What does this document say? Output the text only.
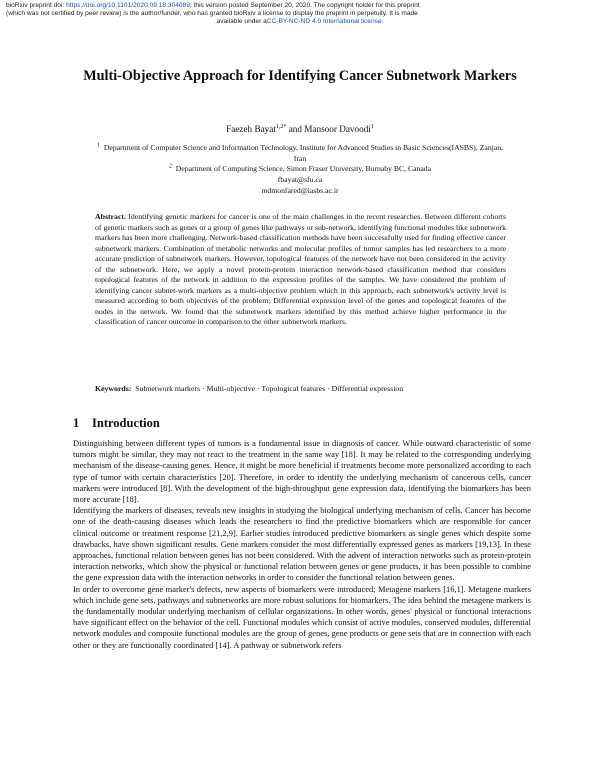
bioRxiv preprint doi: https://doi.org/10.1101/2020.09.18.304089; this version posted September 20, 2020. The copyright holder for this preprint
(which was not certified by peer review) is the author/funder, who has granted bioRxiv a license to display the preprint in perpetuity. It is made
available under aCC-BY-NC-ND 4.0 International license.
Multi-Objective Approach for Identifying Cancer Subnetwork Markers
Faezeh Bayat$^{1,2*}$ and Mansoor Davoodi$^1$
$^1$ Department of Computer Science and Information Technology, Institute for Advanced Studies in Basic Sciences(IASBS), Zanjan, Iran
$^2$ Department of Computing Science, Simon Fraser University, Burnaby BC, Canada
fbayat@sfu.ca
mdmonfared@iasbs.ac.ir
Abstract. Identifying genetic markers for cancer is one of the main challenges in the recent researches. Between different cohorts of genetic markers such as genes or a group of genes like pathways or sub-network, identifying functional modules like subnetwork markers has been more challenging. Network-based classification methods have been successfully used for finding effective cancer subnetwork markers. Combination of metabolic networks and molecular profiles of tumor samples has led researchers to a more accurate prediction of subnetwork markers. However, topological features of the network have not been considered in the activity of the subnetwork. Here, we apply a novel protein-protein interaction network-based classification method that considers topological features of the network in addition to the expression profiles of the samples. We have considered the problem of identifying cancer subnet-work markers as a multi-objective problem which in this approach, each subnetwork's activity level is measured according to both objectives of the problem; Differential expression level of the genes and topological features of the nodes in the network. We found that the subnetwork markers identified by this method achieve higher performance in the classification of cancer outcome in comparison to the other subnetwork markers.
Keywords: Subnetwork markers · Multi-objective · Topological features · Differential expression
1 Introduction

Distinguishing between different types of tumors is a fundamental issue in diagnosis of cancer. While outward characteristic of some tumors might be similar, they may not react to the treatment in the same way [18]. It may be related to the corresponding underlying mechanism of the disease-causing genes. Hence, it might be more beneficial if treatments become more personalized according to each type of tumor with certain characteristics [20]. Therefore, in order to identify the underlying mechanism of cancerous cells, cancer markers were introduced [8]. With the development of the high-throughput gene expression data, identifying the biomarkers has been more accurate [18].

Identifying the markers of diseases, reveals new insights in studying the biological underlying mechanism of cells. Cancer has become one of the death-causing diseases which leads the researchers to find the predictive biomarkers which are responsible for cancer clinical outcome or treatment response [21,2,9]. Earlier studies introduced predictive biomarkers as single genes which despite some drawbacks, have shown significant results. Gene markers consider the most differentially expressed genes as markers [19,13]. In these approaches, functional relation between genes has not been considered. With the advent of interaction networks such as protein-protein interaction networks, which show the physical or functional relation between genes or gene products, it has been possible to combine the gene expression data with the interaction networks in order to consider the functional relation between genes.

In order to overcome gene marker's defects, new aspects of biomarkers were introduced; Metagene markers [16,1]. Metagene markers which include gene sets, pathways and subnetworks are more robust solutions for biomarkers. The idea behind the metagene markers is the fundamentally modular underlying mechanism of cellular organizations. In other words, genes' physical or functional interactions have significant effect on the behavior of the cell. Functional modules which consist of active modules, conserved modules, differential network modules and composite functional modules are the group of genes, gene products or gene sets that are in connection with each other or they are functionally coordinated [14]. A pathway or subnetwork refers
